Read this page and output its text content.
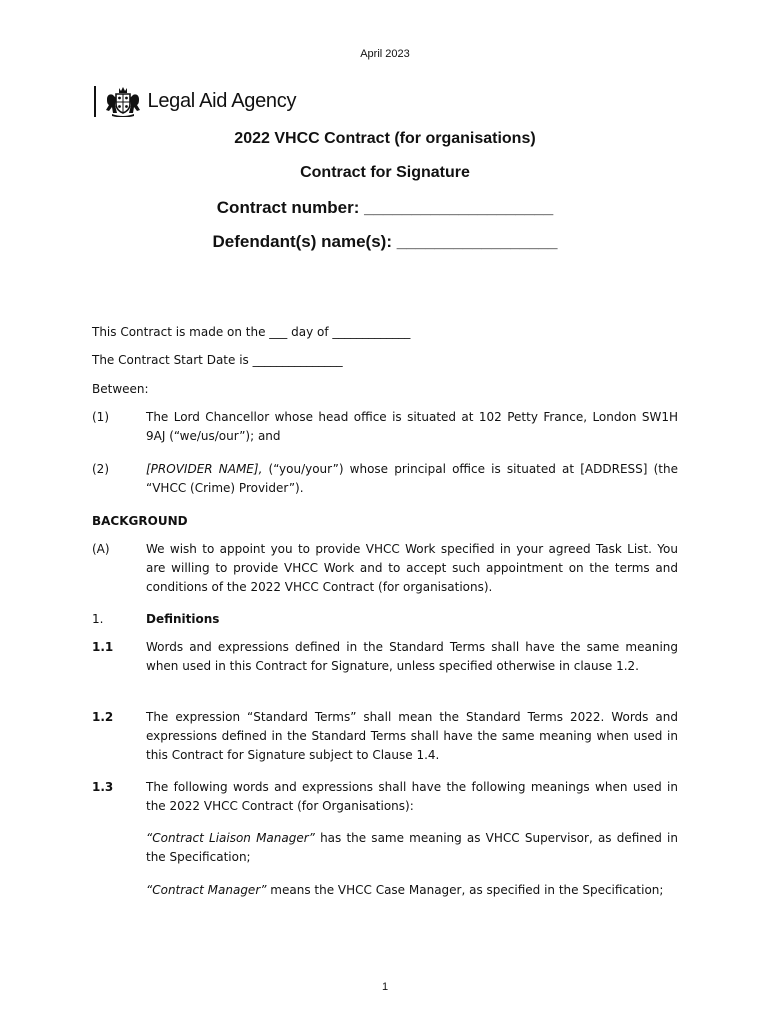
April 2023
Legal Aid Agency
2022 VHCC Contract (for organisations)
Contract for Signature
Contract number: ____________________
Defendant(s) name(s): _________________
This Contract is made on the ___ day of _____________
The Contract Start Date is _______________
Between:
(1)	The Lord Chancellor whose head office is situated at 102 Petty France, London SW1H 9AJ (“we/us/our”); and
(2)	[PROVIDER NAME], (“you/your”) whose principal office is situated at [ADDRESS] (the “VHCC (Crime) Provider”).
BACKGROUND
(A)	We wish to appoint you to provide VHCC Work specified in your agreed Task List. You are willing to provide VHCC Work and to accept such appointment on the terms and conditions of the 2022 VHCC Contract (for organisations).
1.	Definitions
1.1	Words and expressions defined in the Standard Terms shall have the same meaning when used in this Contract for Signature, unless specified otherwise in clause 1.2.
1.2	The expression “Standard Terms” shall mean the Standard Terms 2022. Words and expressions defined in the Standard Terms shall have the same meaning when used in this Contract for Signature subject to Clause 1.4.
1.3	The following words and expressions shall have the following meanings when used in the 2022 VHCC Contract (for Organisations):
“Contract Liaison Manager” has the same meaning as VHCC Supervisor, as defined in the Specification;
“Contract Manager” means the VHCC Case Manager, as specified in the Specification;
1
